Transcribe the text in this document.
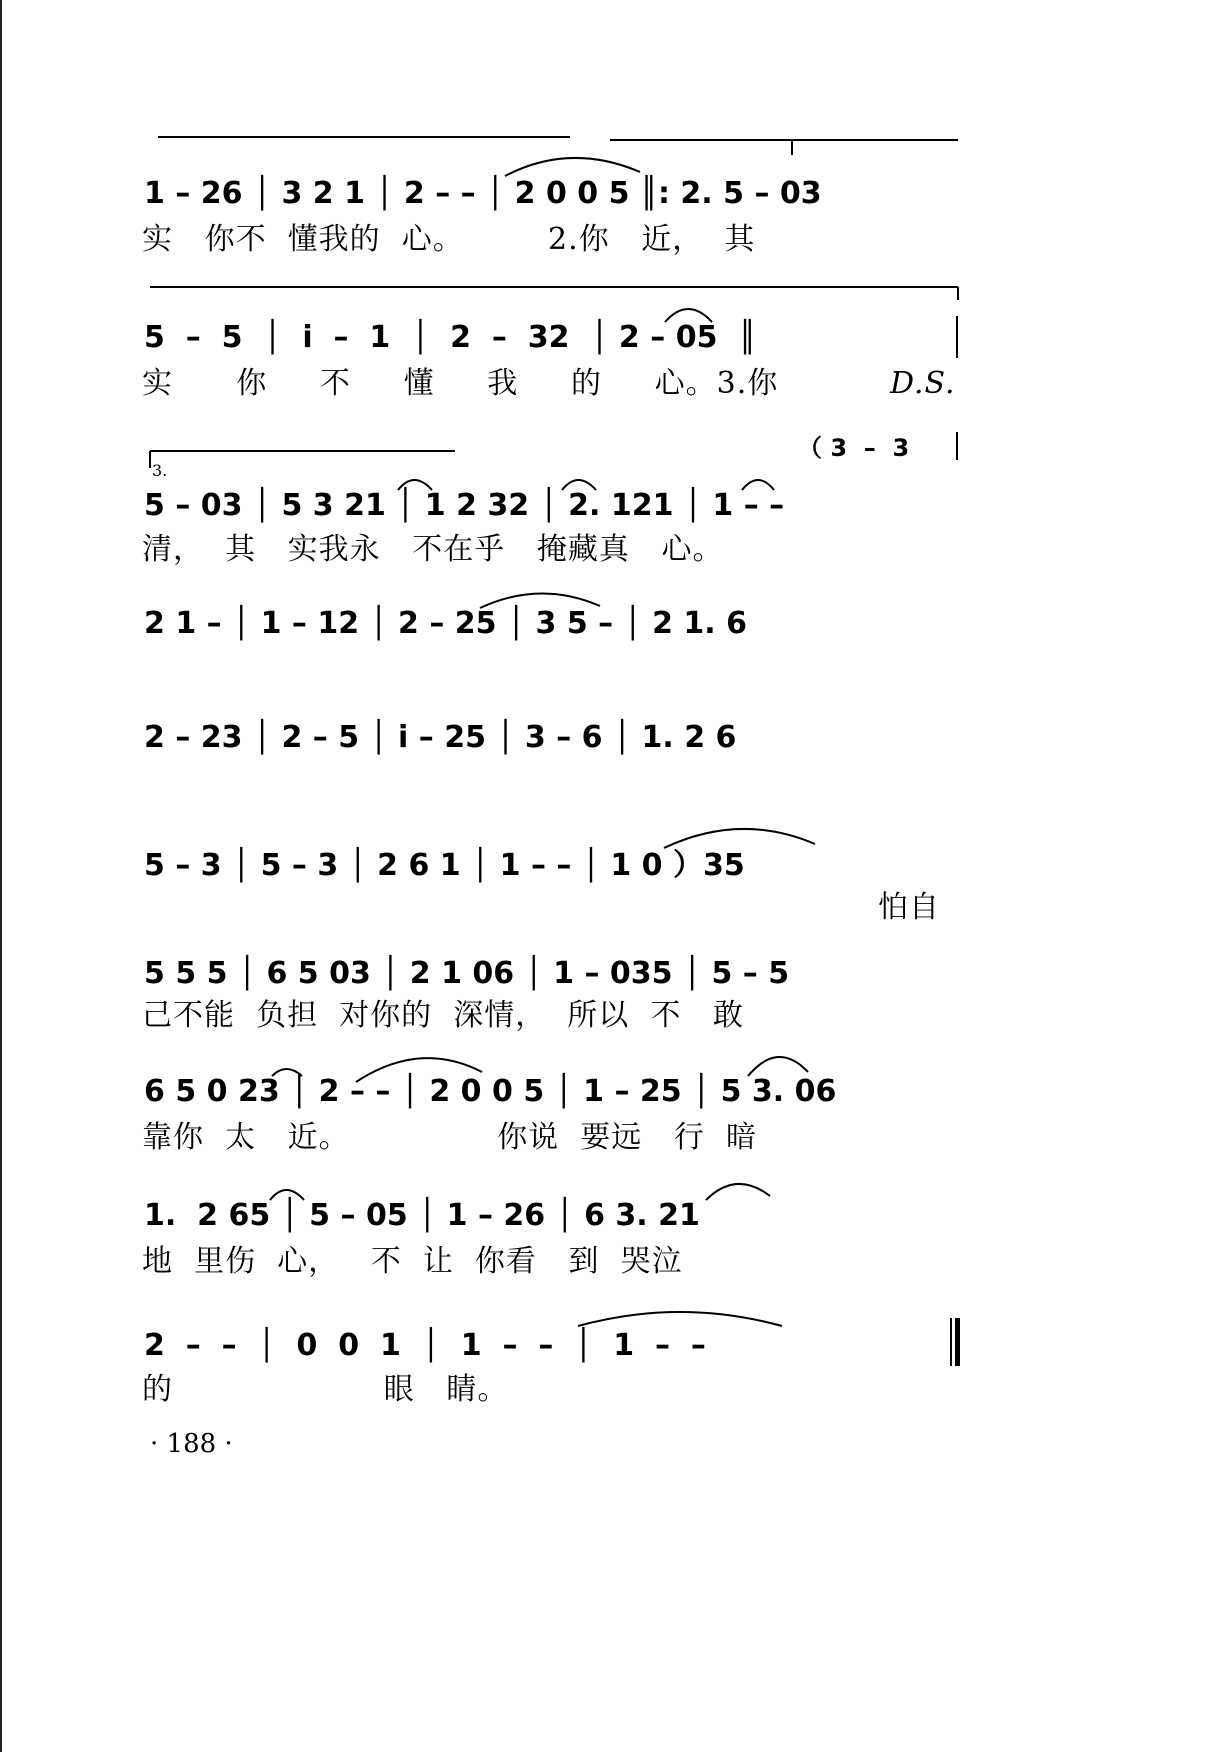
1 – 26 │ 3 2 1 │ 2 – – │ 2 0 0 5 ║: 2. 5 – 03
实   你不  懂我的  心。        2.你   近，  其
5  –  5  │  i  –  1  │  2  –  32  │ 2 – 05  ║
实      你     不     懂     我     的     心。3.你	D.S.
（ 3  –  3
3.
5 – 03 │ 5 3 21 │ 1 2 32 │ 2. 121 │ 1 – –
清，  其   实我永   不在乎   掩藏真   心。
2 1 – │ 1 – 12 │ 2 – 25 │ 3 5 – │ 2 1. 6
2 – 23 │ 2 – 5 │ i – 25 │ 3 – 6 │ 1. 2 6
5 – 3 │ 5 – 3 │ 2 6 1 │ 1 – – │ 1 0 ）35
怕自
5 5 5 │ 6 5 03 │ 2 1 06 │ 1 – 035 │ 5 – 5
己不能  负担  对你的  深情，  所以  不   敢
6 5 0 23 │ 2 – – │ 2 0 0 5 │ 1 – 25 │ 5 3. 06
靠你  太   近。              你说  要远   行  暗
1.  2 65 │ 5 – 05 │ 1 – 26 │ 6 3. 21
地  里伤  心，   不  让  你看   到  哭泣
2  –  –  │  0  0  1  │  1  –  –  │  1  –  –
的                    眼   睛。
· 188 ·
